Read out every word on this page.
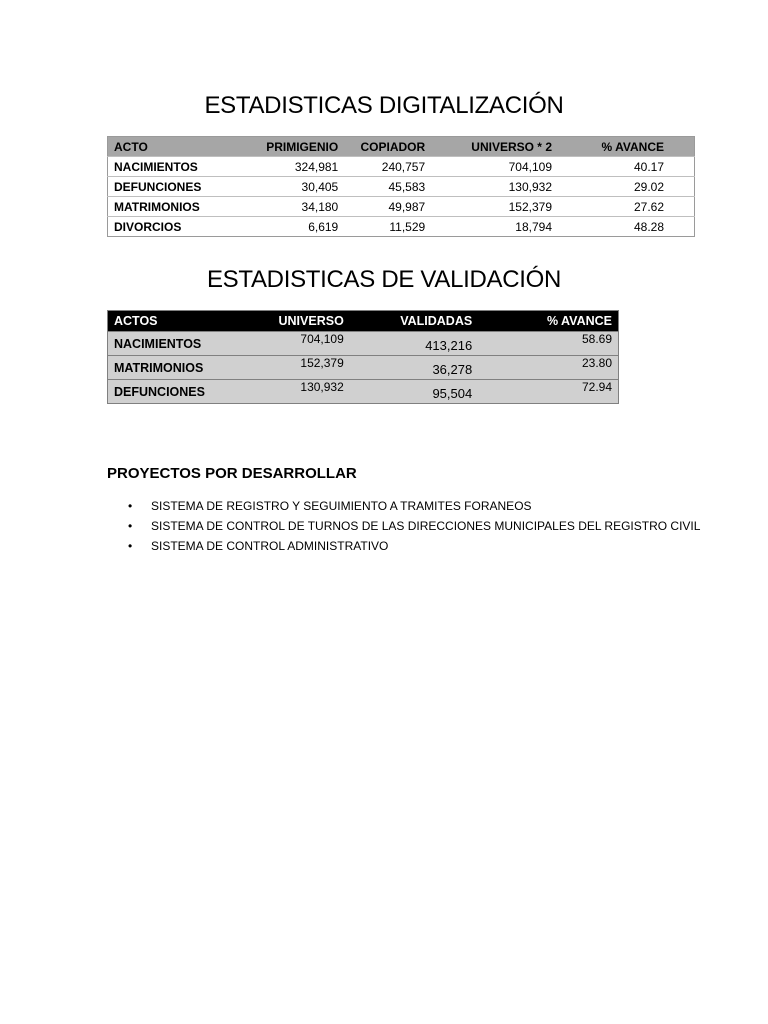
ESTADISTICAS DIGITALIZACIÓN
ACTO	PRIMIGENIO	COPIADOR	UNIVERSO * 2	% AVANCE
NACIMIENTOS	324,981	240,757	704,109	40.17
DEFUNCIONES	30,405	45,583	130,932	29.02
MATRIMONIOS	34,180	49,987	152,379	27.62
DIVORCIOS	6,619	11,529	18,794	48.28
ESTADISTICAS DE VALIDACIÓN
ACTOS	UNIVERSO	VALIDADAS	% AVANCE
NACIMIENTOS	704,109	413,216	58.69
MATRIMONIOS	152,379	36,278	23.80
DEFUNCIONES	130,932	95,504	72.94
PROYECTOS POR DESARROLLAR
• SISTEMA DE REGISTRO Y SEGUIMIENTO A TRAMITES FORANEOS
• SISTEMA DE CONTROL DE TURNOS DE LAS DIRECCIONES MUNICIPALES DEL REGISTRO CIVIL
• SISTEMA DE CONTROL ADMINISTRATIVO
